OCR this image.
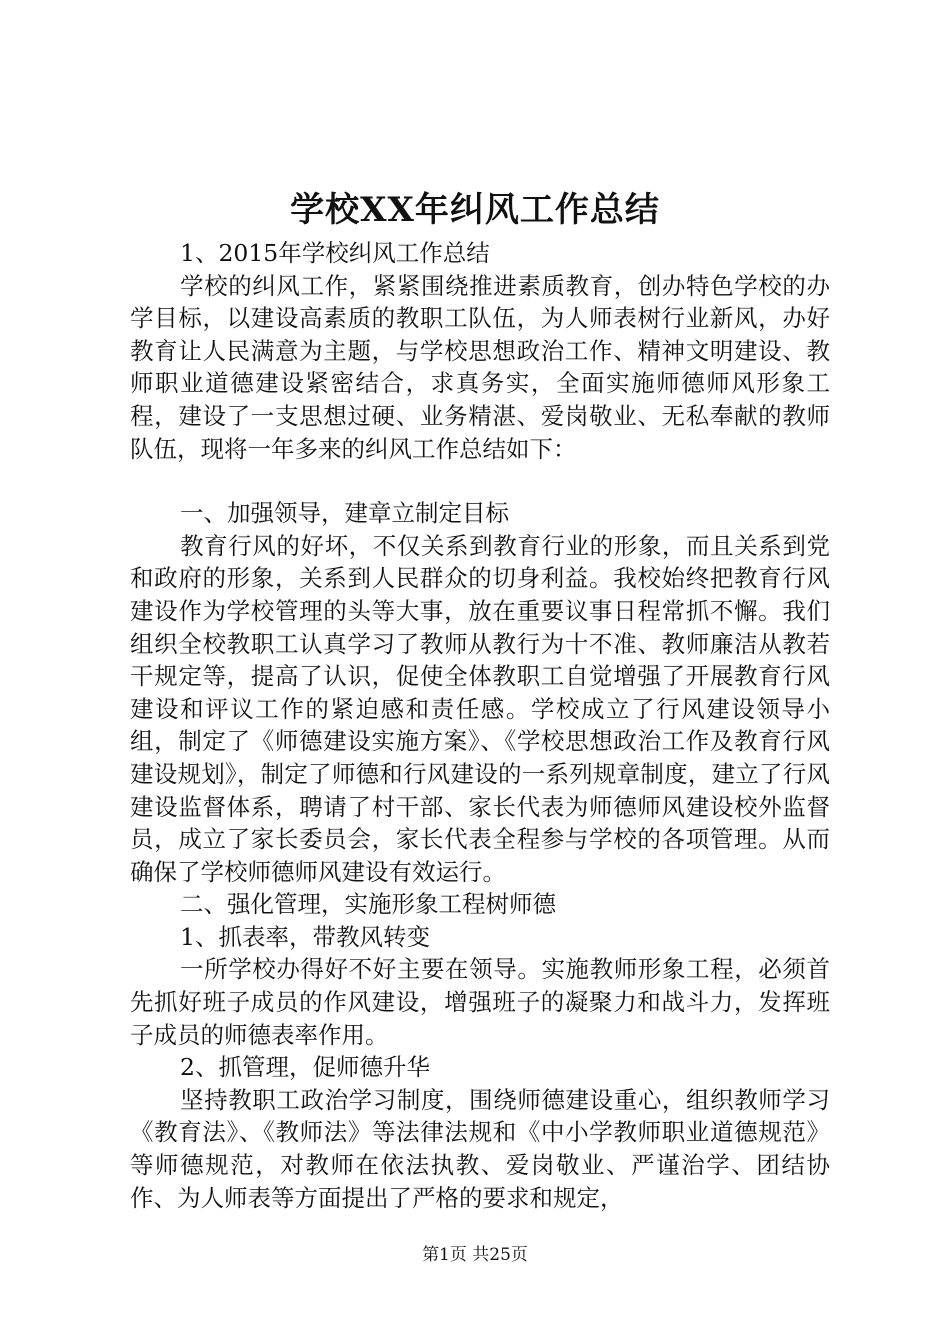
学校XX年纠风工作总结

1、2015年学校纠风工作总结

学校的纠风工作，紧紧围绕推进素质教育，创办特色学校的办学目标，以建设高素质的教职工队伍，为人师表树行业新风，办好教育让人民满意为主题，与学校思想政治工作、精神文明建设、教师职业道德建设紧密结合，求真务实，全面实施师德师风形象工程，建设了一支思想过硬、业务精湛、爱岗敬业、无私奉献的教师队伍，现将一年多来的纠风工作总结如下：

一、加强领导，建章立制定目标

教育行风的好坏，不仅关系到教育行业的形象，而且关系到党和政府的形象，关系到人民群众的切身利益。我校始终把教育行风建设作为学校管理的头等大事，放在重要议事日程常抓不懈。我们组织全校教职工认真学习了教师从教行为十不准、教师廉洁从教若干规定等，提高了认识，促使全体教职工自觉增强了开展教育行风建设和评议工作的紧迫感和责任感。学校成立了行风建设领导小组，制定了《师德建设实施方案》、《学校思想政治工作及教育行风建设规划》，制定了师德和行风建设的一系列规章制度，建立了行风建设监督体系，聘请了村干部、家长代表为师德师风建设校外监督员，成立了家长委员会，家长代表全程参与学校的各项管理。从而确保了学校师德师风建设有效运行。

二、强化管理，实施形象工程树师德

1、抓表率，带教风转变

一所学校办得好不好主要在领导。实施教师形象工程，必须首先抓好班子成员的作风建设，增强班子的凝聚力和战斗力，发挥班子成员的师德表率作用。

2、抓管理，促师德升华

坚持教职工政治学习制度，围绕师德建设重心，组织教师学习《教育法》、《教师法》等法律法规和《中小学教师职业道德规范》等师德规范，对教师在依法执教、爱岗敬业、严谨治学、团结协作、为人师表等方面提出了严格的要求和规定，

第1页 共25页
